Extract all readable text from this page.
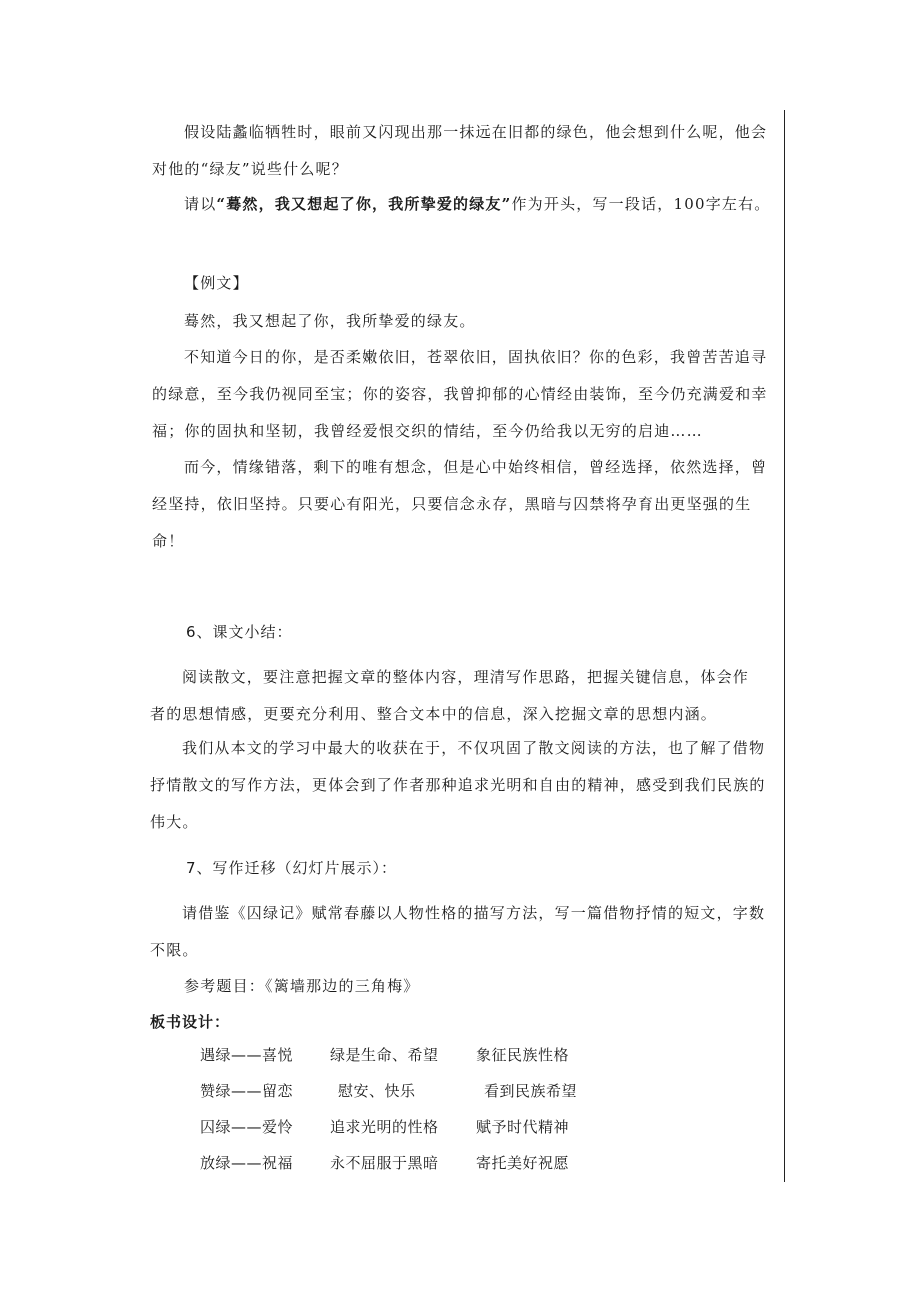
假设陆蠡临牺牲时，眼前又闪现出那一抹远在旧都的绿色，他会想到什么呢，他会对他的“绿友”说些什么呢？

请以“蓦然，我又想起了你，我所挚爱的绿友”作为开头，写一段话，100字左右。

【例文】

蓦然，我又想起了你，我所挚爱的绿友。

不知道今日的你，是否柔嫩依旧，苍翠依旧，固执依旧？你的色彩，我曾苦苦追寻的绿意，至今我仍视同至宝；你的姿容，我曾抑郁的心情经由装饰，至今仍充满爱和幸福；你的固执和坚韧，我曾经爱恨交织的情结，至今仍给我以无穷的启迪……

而今，情缘错落，剩下的唯有想念，但是心中始终相信，曾经选择，依然选择，曾经坚持，依旧坚持。只要心有阳光，只要信念永存，黑暗与囚禁将孕育出更坚强的生命！

6、课文小结：

阅读散文，要注意把握文章的整体内容，理清写作思路，把握关键信息，体会作者的思想情感，更要充分利用、整合文本中的信息，深入挖掘文章的思想内涵。

我们从本文的学习中最大的收获在于，不仅巩固了散文阅读的方法，也了解了借物抒情散文的写作方法，更体会到了作者那种追求光明和自由的精神，感受到我们民族的伟大。

7、写作迁移（幻灯片展示）：

请借鉴《囚绿记》赋常春藤以人物性格的描写方法，写一篇借物抒情的短文，字数不限。

参考题目：《篱墙那边的三角梅》

板书设计：

遇绿——喜悦 绿是生命、希望 象征民族性格
赞绿——留恋	慰安、快乐	看到民族希望
囚绿——爱怜 追求光明的性格 赋予时代精神
放绿——祝福 永不屈服于黑暗 寄托美好祝愿
